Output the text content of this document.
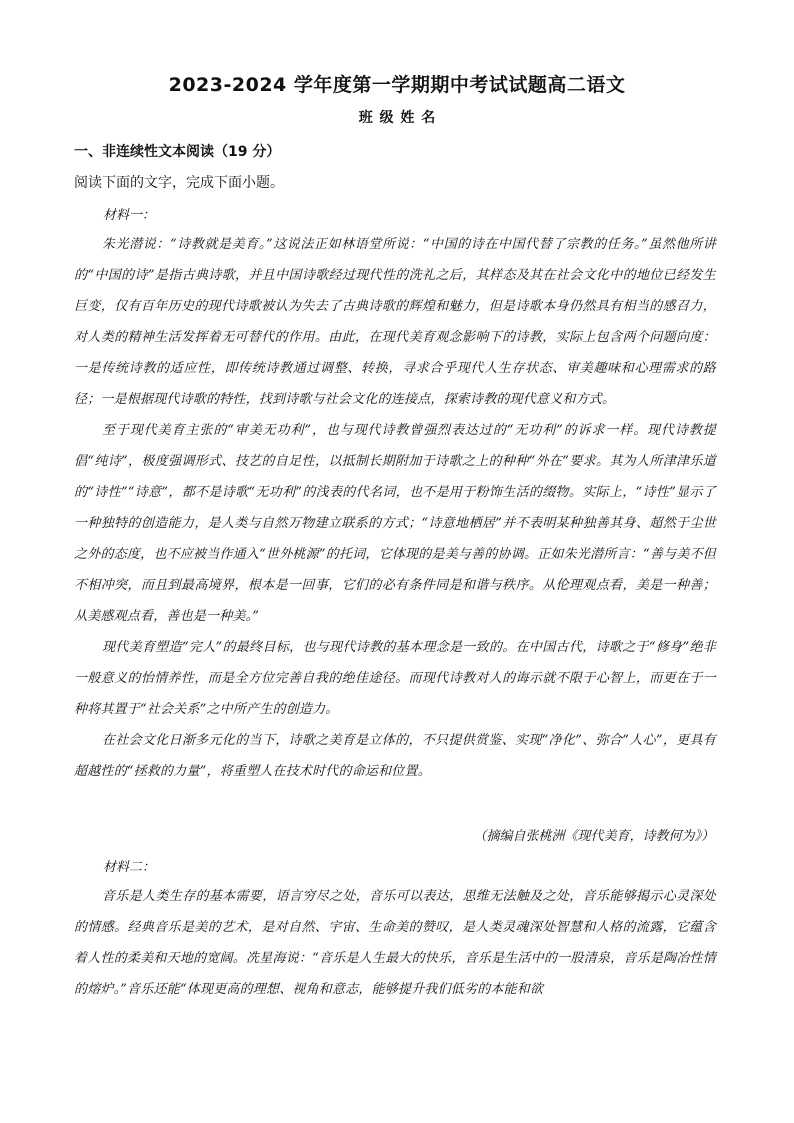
2023-2024 学年度第一学期期中考试试题高二语文
班 级 姓 名
一、非连续性文本阅读（19 分）
阅读下面的文字，完成下面小题。
材料一：

朱光潜说：“诗教就是美育。”这说法正如林语堂所说：“中国的诗在中国代替了宗教的任务。”虽然他所讲的“中国的诗”是指古典诗歌，并且中国诗歌经过现代性的洗礼之后，其样态及其在社会文化中的地位已经发生巨变，仅有百年历史的现代诗歌被认为失去了古典诗歌的辉煌和魅力，但是诗歌本身仍然具有相当的感召力，对人类的精神生活发挥着无可替代的作用。由此，在现代美育观念影响下的诗教，实际上包含两个问题向度：一是传统诗教的适应性，即传统诗教通过调整、转换，寻求合乎现代人生存状态、审美趣味和心理需求的路径；一是根据现代诗歌的特性，找到诗歌与社会文化的连接点，探索诗教的现代意义和方式。

至于现代美育主张的“审美无功利”，也与现代诗教曾强烈表达过的“无功利”的诉求一样。现代诗教提倡“纯诗”，极度强调形式、技艺的自足性，以抵制长期附加于诗歌之上的种种“外在”要求。其为人所津津乐道的“诗性”“诗意”，都不是诗歌“无功利”的浅表的代名词，也不是用于粉饰生活的缀物。实际上，“诗性”显示了一种独特的创造能力，是人类与自然万物建立联系的方式；“诗意地栖居”并不表明某种独善其身、超然于尘世之外的态度，也不应被当作通入“世外桃源”的托词，它体现的是美与善的协调。正如朱光潜所言：“善与美不但不相冲突，而且到最高境界，根本是一回事，它们的必有条件同是和谐与秩序。从伦理观点看，美是一种善；从美感观点看，善也是一种美。”

现代美育塑造“完人”的最终目标，也与现代诗教的基本理念是一致的。在中国古代，诗歌之于“修身”绝非一般意义的怡情养性，而是全方位完善自我的绝佳途径。而现代诗教对人的诲示就不限于心智上，而更在于一种将其置于“社会关系”之中所产生的创造力。

在社会文化日渐多元化的当下，诗歌之美育是立体的，不只提供赏鉴、实现“净化”、弥合“人心”，更具有超越性的“拯救的力量”，将重塑人在技术时代的命运和位置。

（摘编自张桃洲《现代美育，诗教何为》）
材料二：

音乐是人类生存的基本需要，语言穷尽之处，音乐可以表达，思维无法触及之处，音乐能够揭示心灵深处的情感。经典音乐是美的艺术，是对自然、宇宙、生命美的赞叹，是人类灵魂深处智慧和人格的流露，它蕴含着人性的柔美和天地的宽阔。冼星海说：“音乐是人生最大的快乐，音乐是生活中的一股清泉，音乐是陶冶性情的熔炉。”音乐还能“体现更高的理想、视角和意志，能够提升我们低劣的本能和欲
